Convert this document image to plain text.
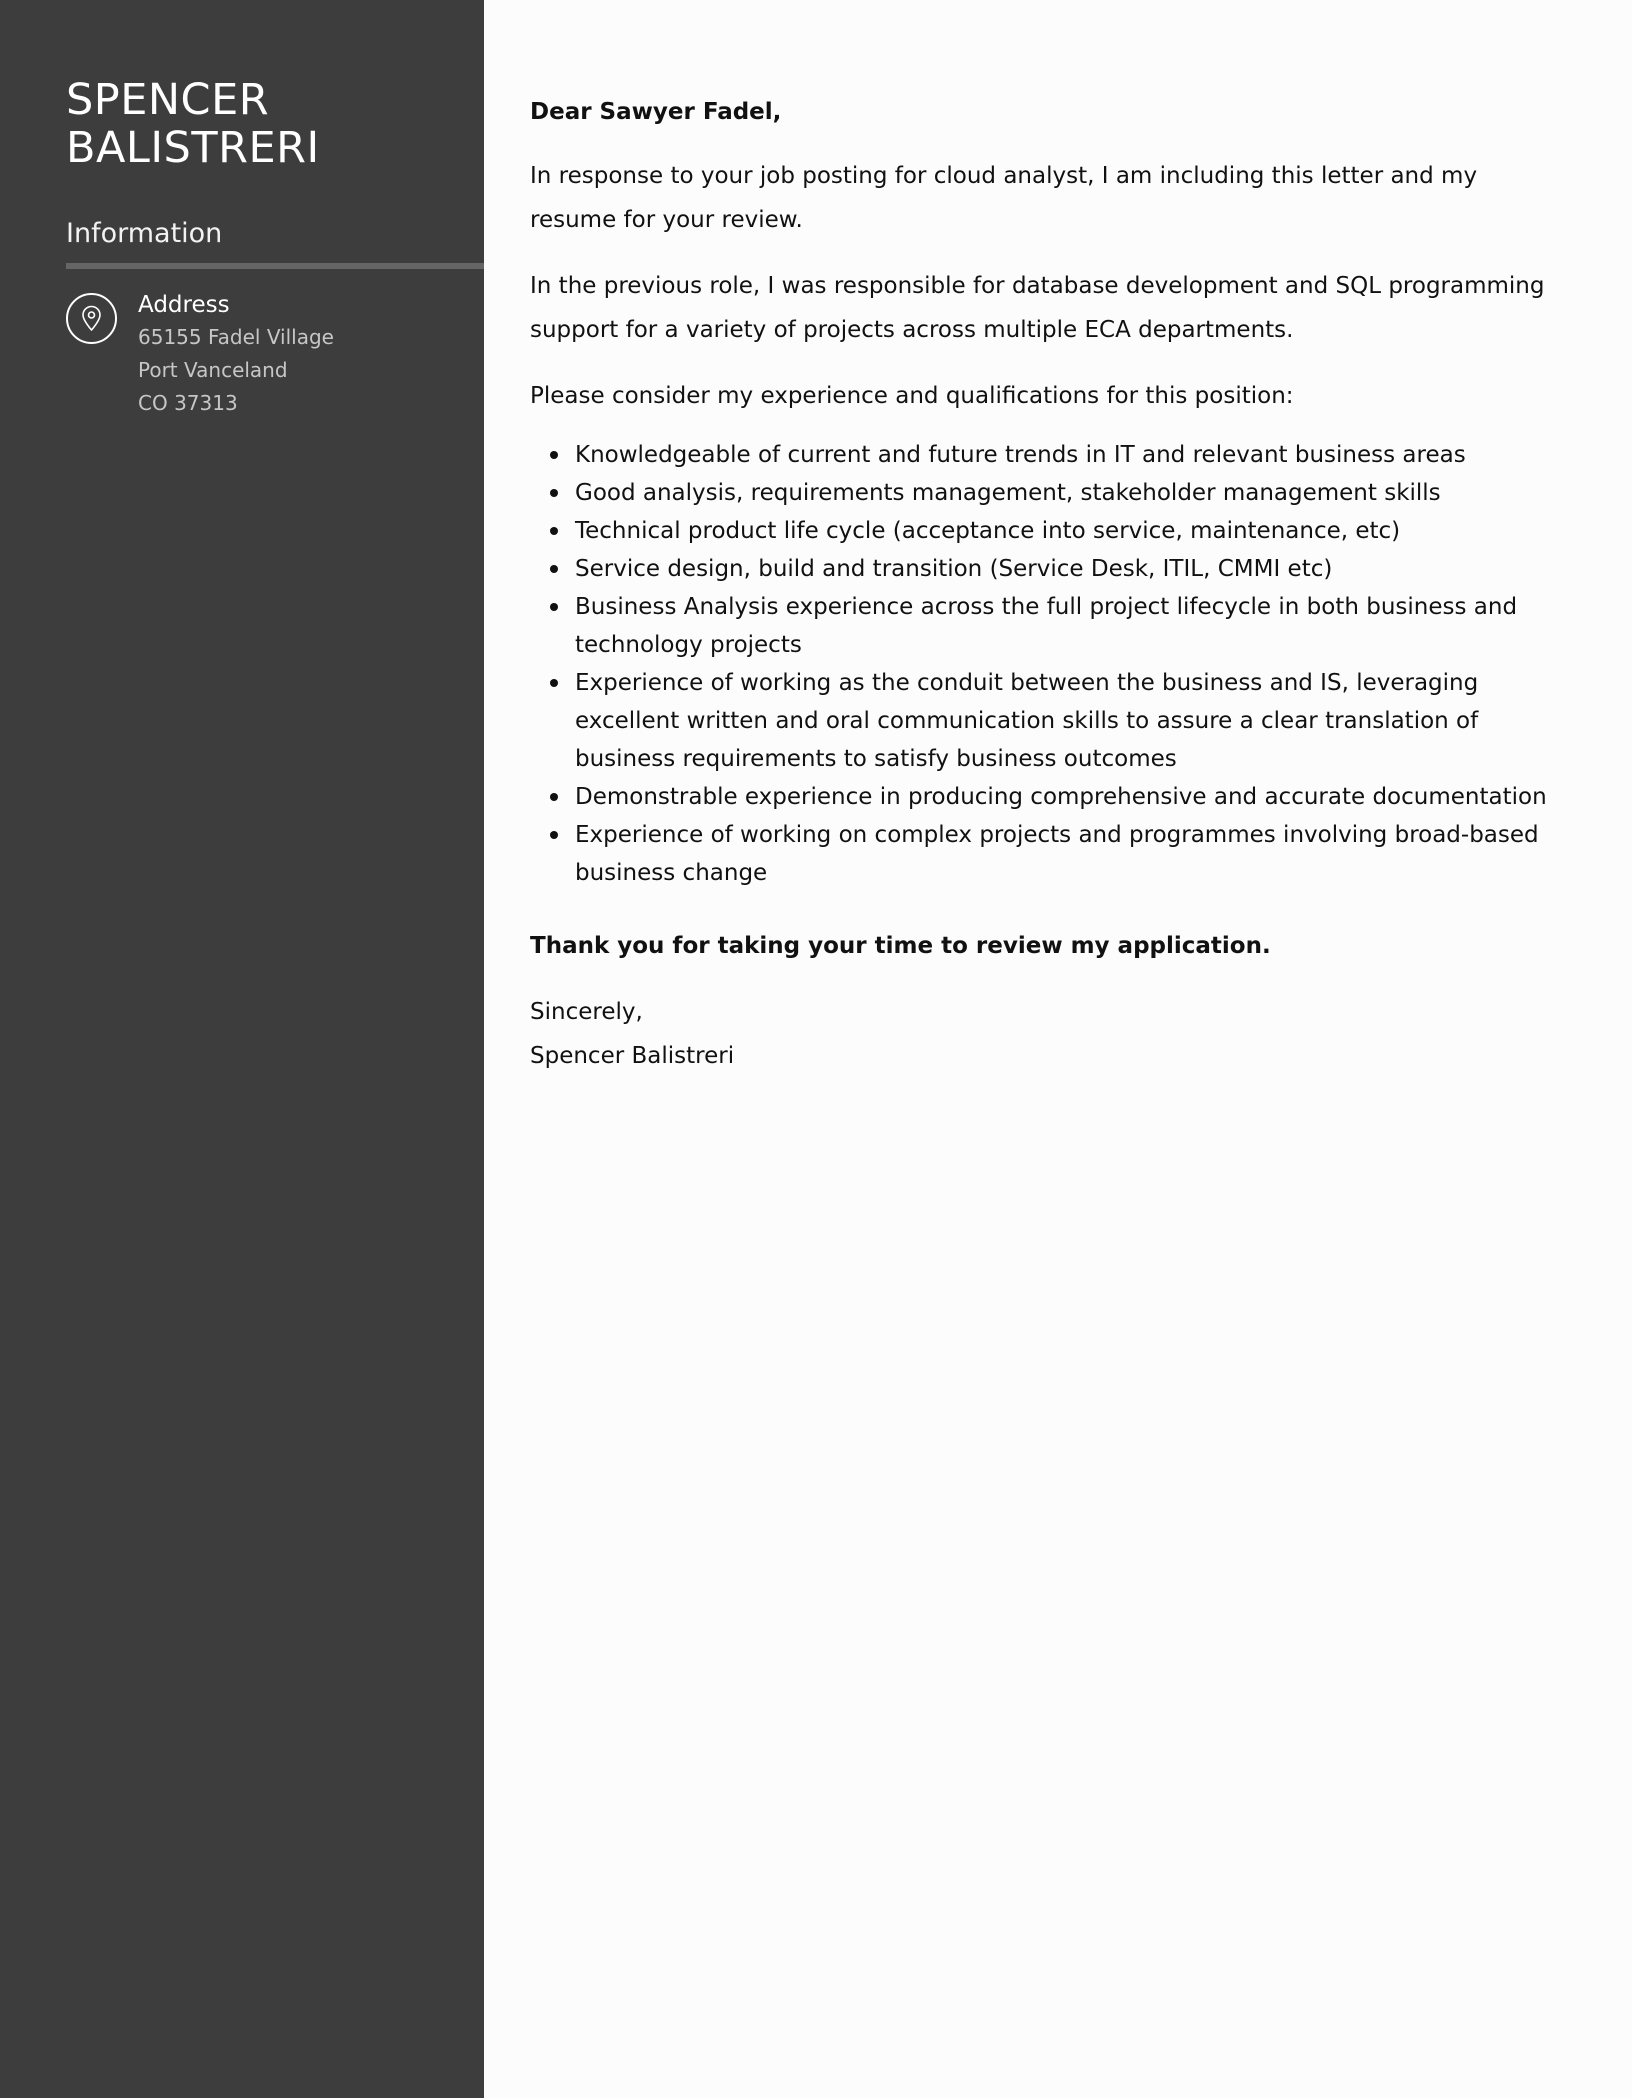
SPENCER
BALISTRERI
Information
Address
65155 Fadel Village
Port Vanceland
CO 37313

Dear Sawyer Fadel,

In response to your job posting for cloud analyst, I am including this letter and my resume for your review.

In the previous role, I was responsible for database development and SQL programming support for a variety of projects across multiple ECA departments.

Please consider my experience and qualifications for this position:

Knowledgeable of current and future trends in IT and relevant business areas
Good analysis, requirements management, stakeholder management skills
Technical product life cycle (acceptance into service, maintenance, etc)
Service design, build and transition (Service Desk, ITIL, CMMI etc)
Business Analysis experience across the full project lifecycle in both business and technology projects
Experience of working as the conduit between the business and IS, leveraging excellent written and oral communication skills to assure a clear translation of business requirements to satisfy business outcomes
Demonstrable experience in producing comprehensive and accurate documentation
Experience of working on complex projects and programmes involving broad-based business change

Thank you for taking your time to review my application.

Sincerely,

Spencer Balistreri
